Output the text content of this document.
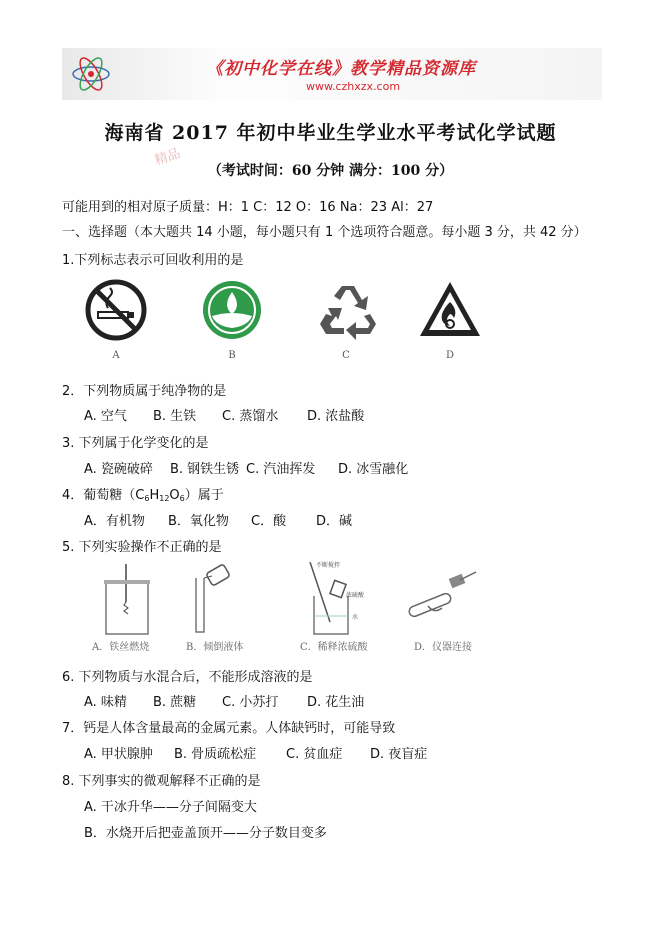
《初中化学在线》教学精品资源库
www.czhxzx.com
精品
海南省 2017 年初中毕业生学业水平考试化学试题
（考试时间：60 分钟 满分：100 分）
可能用到的相对原子质量：H：1 C：12 O：16 Na：23 Al：27
一、选择题（本大题共 14 小题，每小题只有 1 个选项符合题意。每小题 3 分，共 42 分）
1.下列标志表示可回收利用的是
A	B	C	D
2．下列物质属于纯净物的是
A. 空气 B. 生铁 C. 蒸馏水 D. 浓盐酸
3. 下列属于化学变化的是
A. 瓷碗破碎 B. 钢铁生锈 C. 汽油挥发 D. 冰雪融化
4．葡萄糖$(C_6H_{12}O_6)$属于
A．有机物 B．氧化物 C．酸 D．碱
5. 下列实验操作不正确的是
不断搅拌
浓硫酸
水
A．铁丝燃烧	B．倾倒液体	C．稀释浓硫酸	D．仪器连接
6. 下列物质与水混合后，不能形成溶液的是
A. 味精 B. 蔗糖 C. 小苏打 D. 花生油
7．钙是人体含量最高的金属元素。人体缺钙时，可能导致
A. 甲状腺肿 B. 骨质疏松症 C. 贫血症 D. 夜盲症
8. 下列事实的微观解释不正确的是
A. 干冰升华——分子间隔变大
B．水烧开后把壶盖顶开——分子数目变多
